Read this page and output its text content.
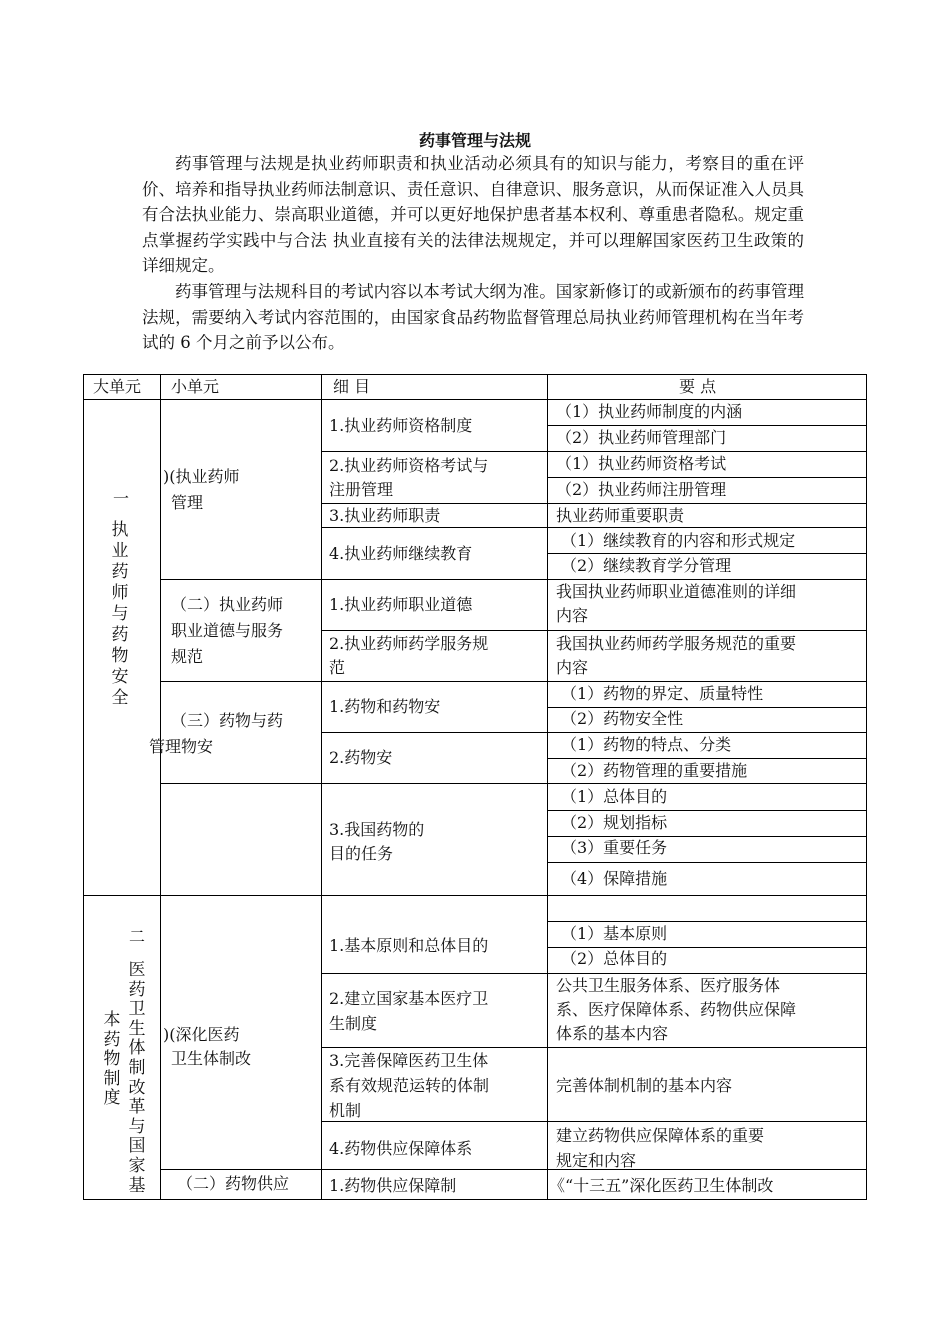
药事管理与法规

药事管理与法规是执业药师职责和执业活动必须具有的知识与能力，考察目的重在评价、培养和指导执业药师法制意识、责任意识、自律意识、服务意识，从而保证准入人员具有合法执业能力、崇高职业道德，并可以更好地保护患者基本权利、尊重患者隐私。规定重点掌握药学实践中与合法 执业直接有关的法律法规规定，并可以理解国家医药卫生政策的详细规定。

药事管理与法规科目的考试内容以本考试大纲为准。国家新修订的或新颁布的药事管理法规，需要纳入考试内容范围的，由国家食品药物监督管理总局执业药师管理机构在当年考试的 6 个月之前予以公布。

大单元 小单元	细 目	要 点
一
执业药师与药物安全
)(执业药师
管理
（二）执业药师
职业道德与服务
规范
（三）药物与药
管理物安
1.执业药师资格制度
2.执业药师资格考试与
注册管理
3.执业药师职责
4.执业药师继续教育
1.执业药师职业道德
2.执业药师药学服务规
范
1.药物和药物安
2.药物安
3.我国药物的
目的任务
（1）执业药师制度的内涵
（2）执业药师管理部门
（1）执业药师资格考试
（2）执业药师注册管理
执业药师重要职责
（1）继续教育的内容和形式规定
（2）继续教育学分管理
我国执业药师职业道德准则的详细
内容
我国执业药师药学服务规范的重要
内容
（1）药物的界定、质量特性
（2）药物安全性
（1）药物的特点、分类
（2）药物管理的重要措施
（1）总体目的
（2）规划指标
（3）重要任务
（4）保障措施
二
医药卫生体制改革与国家基
本药物制度
)(深化医药
卫生体制改
（二）药物供应
1.基本原则和总体目的
2.建立国家基本医疗卫
生制度
3.完善保障医药卫生体
系有效规范运转的体制
机制
4.药物供应保障体系
1.药物供应保障制
（1）基本原则
（2）总体目的
公共卫生服务体系、医疗服务体
系、医疗保障体系、药物供应保障
体系的基本内容
完善体制机制的基本内容
建立药物供应保障体系的重要
规定和内容
《“十三五”深化医药卫生体制改
